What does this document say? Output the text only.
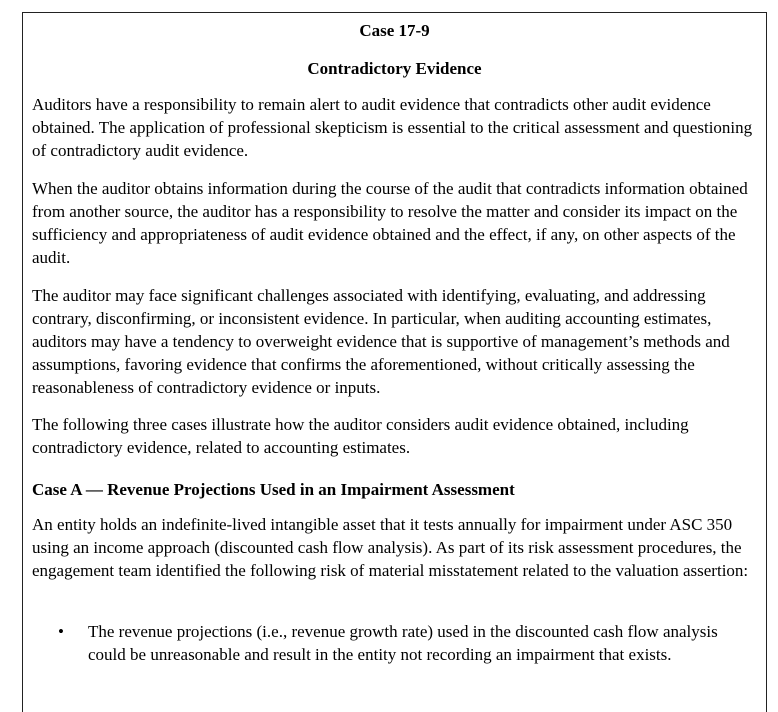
Case 17-9
Contradictory Evidence

Auditors have a responsibility to remain alert to audit evidence that contradicts other audit evidence obtained. The application of professional skepticism is essential to the critical assessment and questioning of contradictory audit evidence.

When the auditor obtains information during the course of the audit that contradicts information obtained from another source, the auditor has a responsibility to resolve the matter and consider its impact on the sufficiency and appropriateness of audit evidence obtained and the effect, if any, on other aspects of the audit.

The auditor may face significant challenges associated with identifying, evaluating, and addressing contrary, disconfirming, or inconsistent evidence. In particular, when auditing accounting estimates, auditors may have a tendency to overweight evidence that is supportive of management’s methods and assumptions, favoring evidence that confirms the aforementioned, without critically assessing the reasonableness of contradictory evidence or inputs.

The following three cases illustrate how the auditor considers audit evidence obtained, including contradictory evidence, related to accounting estimates.

Case A — Revenue Projections Used in an Impairment Assessment

An entity holds an indefinite-lived intangible asset that it tests annually for impairment under ASC 350 using an income approach (discounted cash flow analysis). As part of its risk assessment procedures, the engagement team identified the following risk of material misstatement related to the valuation assertion:

• The revenue projections (i.e., revenue growth rate) used in the discounted cash flow analysis could be unreasonable and result in the entity not recording an impairment that exists.
